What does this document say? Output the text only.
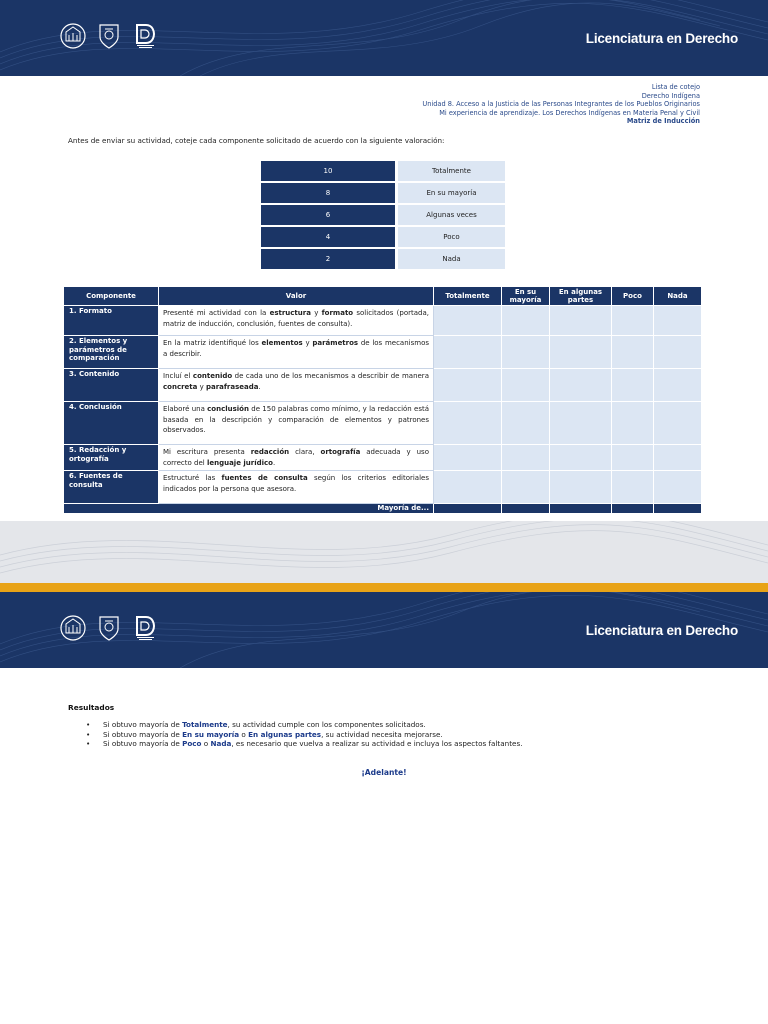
Licenciatura en Derecho
Lista de cotejo
Derecho Indígena
Unidad 8. Acceso a la Justicia de las Personas Integrantes de los Pueblos Originarios
Mi experiencia de aprendizaje. Los Derechos Indígenas en Materia Penal y Civil
Matriz de Inducción
Antes de enviar su actividad, coteje cada componente solicitado de acuerdo con la siguiente valoración:
10	Totalmente
8	En su mayoría
6	Algunas veces
4	Poco
2	Nada
Componente	Valor	Totalmente	En su mayoría	En algunas partes	Poco	Nada
1. Formato	Presenté mi actividad con la estructura y formato solicitados (portada, matriz de inducción, conclusión, fuentes de consulta).					
2. Elementos y parámetros de comparación	En la matriz identifiqué los elementos y parámetros de los mecanismos a describir.					
3. Contenido	Incluí el contenido de cada uno de los mecanismos a describir de manera concreta y parafraseada.					
4. Conclusión	Elaboré una conclusión de 150 palabras como mínimo, y la redacción está basada en la descripción y comparación de elementos y patrones observados.					
5. Redacción y ortografía	Mi escritura presenta redacción clara, ortografía adecuada y uso correcto del lenguaje jurídico.					
6. Fuentes de consulta	Estructuré las fuentes de consulta según los criterios editoriales indicados por la persona que asesora.					
Mayoría de...						
Licenciatura en Derecho
Resultados
• Si obtuvo mayoría de Totalmente, su actividad cumple con los componentes solicitados.
• Si obtuvo mayoría de En su mayoría o En algunas partes, su actividad necesita mejorarse.
• Si obtuvo mayoría de Poco o Nada, es necesario que vuelva a realizar su actividad e incluya los aspectos faltantes.
¡Adelante!
